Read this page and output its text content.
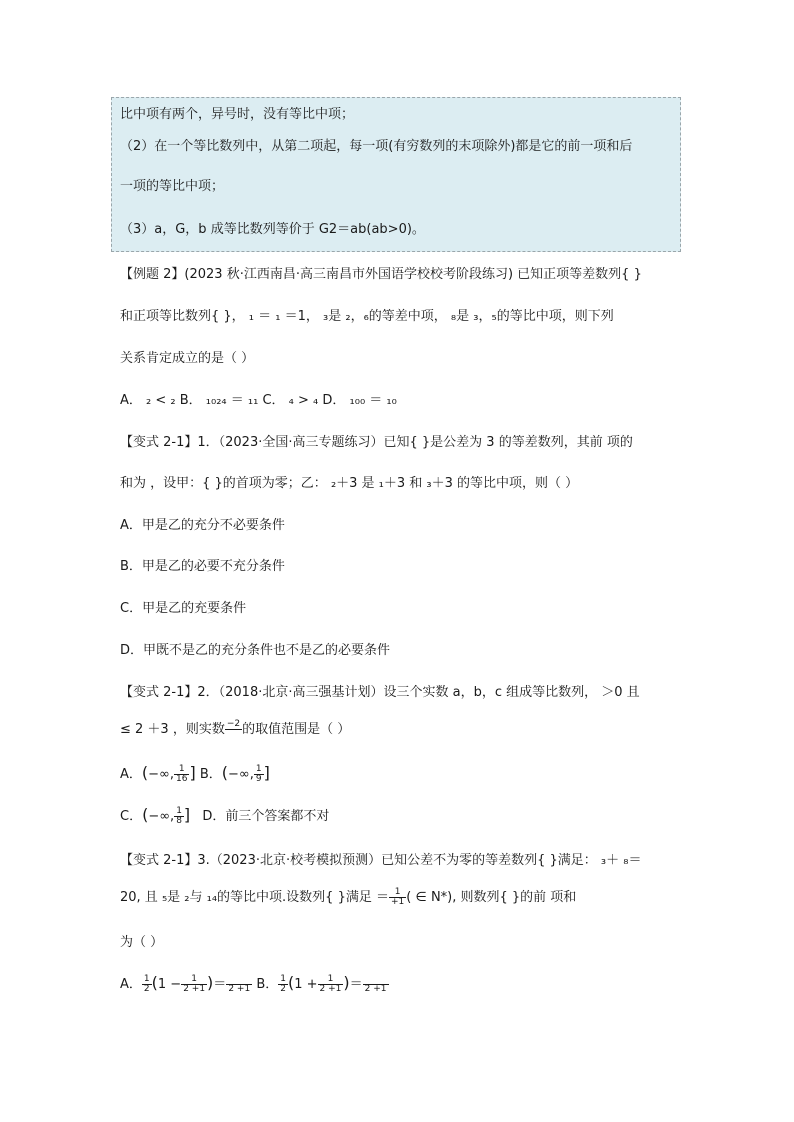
比中项有两个，异号时，没有等比中项；
（2）在一个等比数列中，从第二项起，每一项(有穷数列的末项除外)都是它的前一项和后
一项的等比中项；
（3）a，G，b 成等比数列等价于 G2＝ab(ab>0)。
【例题 2】(2023 秋·江西南昌·高三南昌市外国语学校校考阶段练习) 已知正项等差数列{ }
和正项等比数列{ }， ₁ ＝ ₁ ＝1， ₃是 ₂，₆的等差中项， ₈是 ₃，₅的等比中项，则下列
关系肯定成立的是（ ）
A． ₂ < ₂ B． ₁₀₂₄ ＝ ₁₁ C． ₄ > ₄ D． ₁₀₀ ＝ ₁₀
【变式 2-1】1．（2023·全国·高三专题练习）已知{ }是公差为 3 的等差数列，其前 项的
和为 ，设甲：{ }的首项为零；乙： ₂＋3 是 ₁＋3 和 ₃＋3 的等比中项，则（ ）
A．甲是乙的充分不必要条件
B．甲是乙的必要不充分条件
C．甲是乙的充要条件
D．甲既不是乙的充分条件也不是乙的必要条件
【变式 2-1】2．（2018·北京·高三强基计划）设三个实数 a，b，c 组成等比数列， ＞0 且
≤ 2 ＋3 ，则实数 −2
的取值范围是（ ）
A．(−∞, $\frac{1}{16}$ ] B．(−∞, $\frac{1}{9}$ ]
C．(−∞, $\frac{1}{8}$ ] D．前三个答案都不对
【变式 2-1】3.（2023·北京·校考模拟预测）已知公差不为零的等差数列{ }满足： ₃＋ ₈＝
20, 且 ₅是 ₂与 ₁₄的等比中项.设数列{ }满足 ＝ $\frac{1}{+1}$ ( ∈ N*), 则数列{ }的前 项和
为（ ）
A． $\frac{1}{2} (1 - \frac{1}{2 +1}$ )＝
2 +1 B． $\frac{1}{2} (1 + \frac{1}{2 +1}$ )＝
2 +1
